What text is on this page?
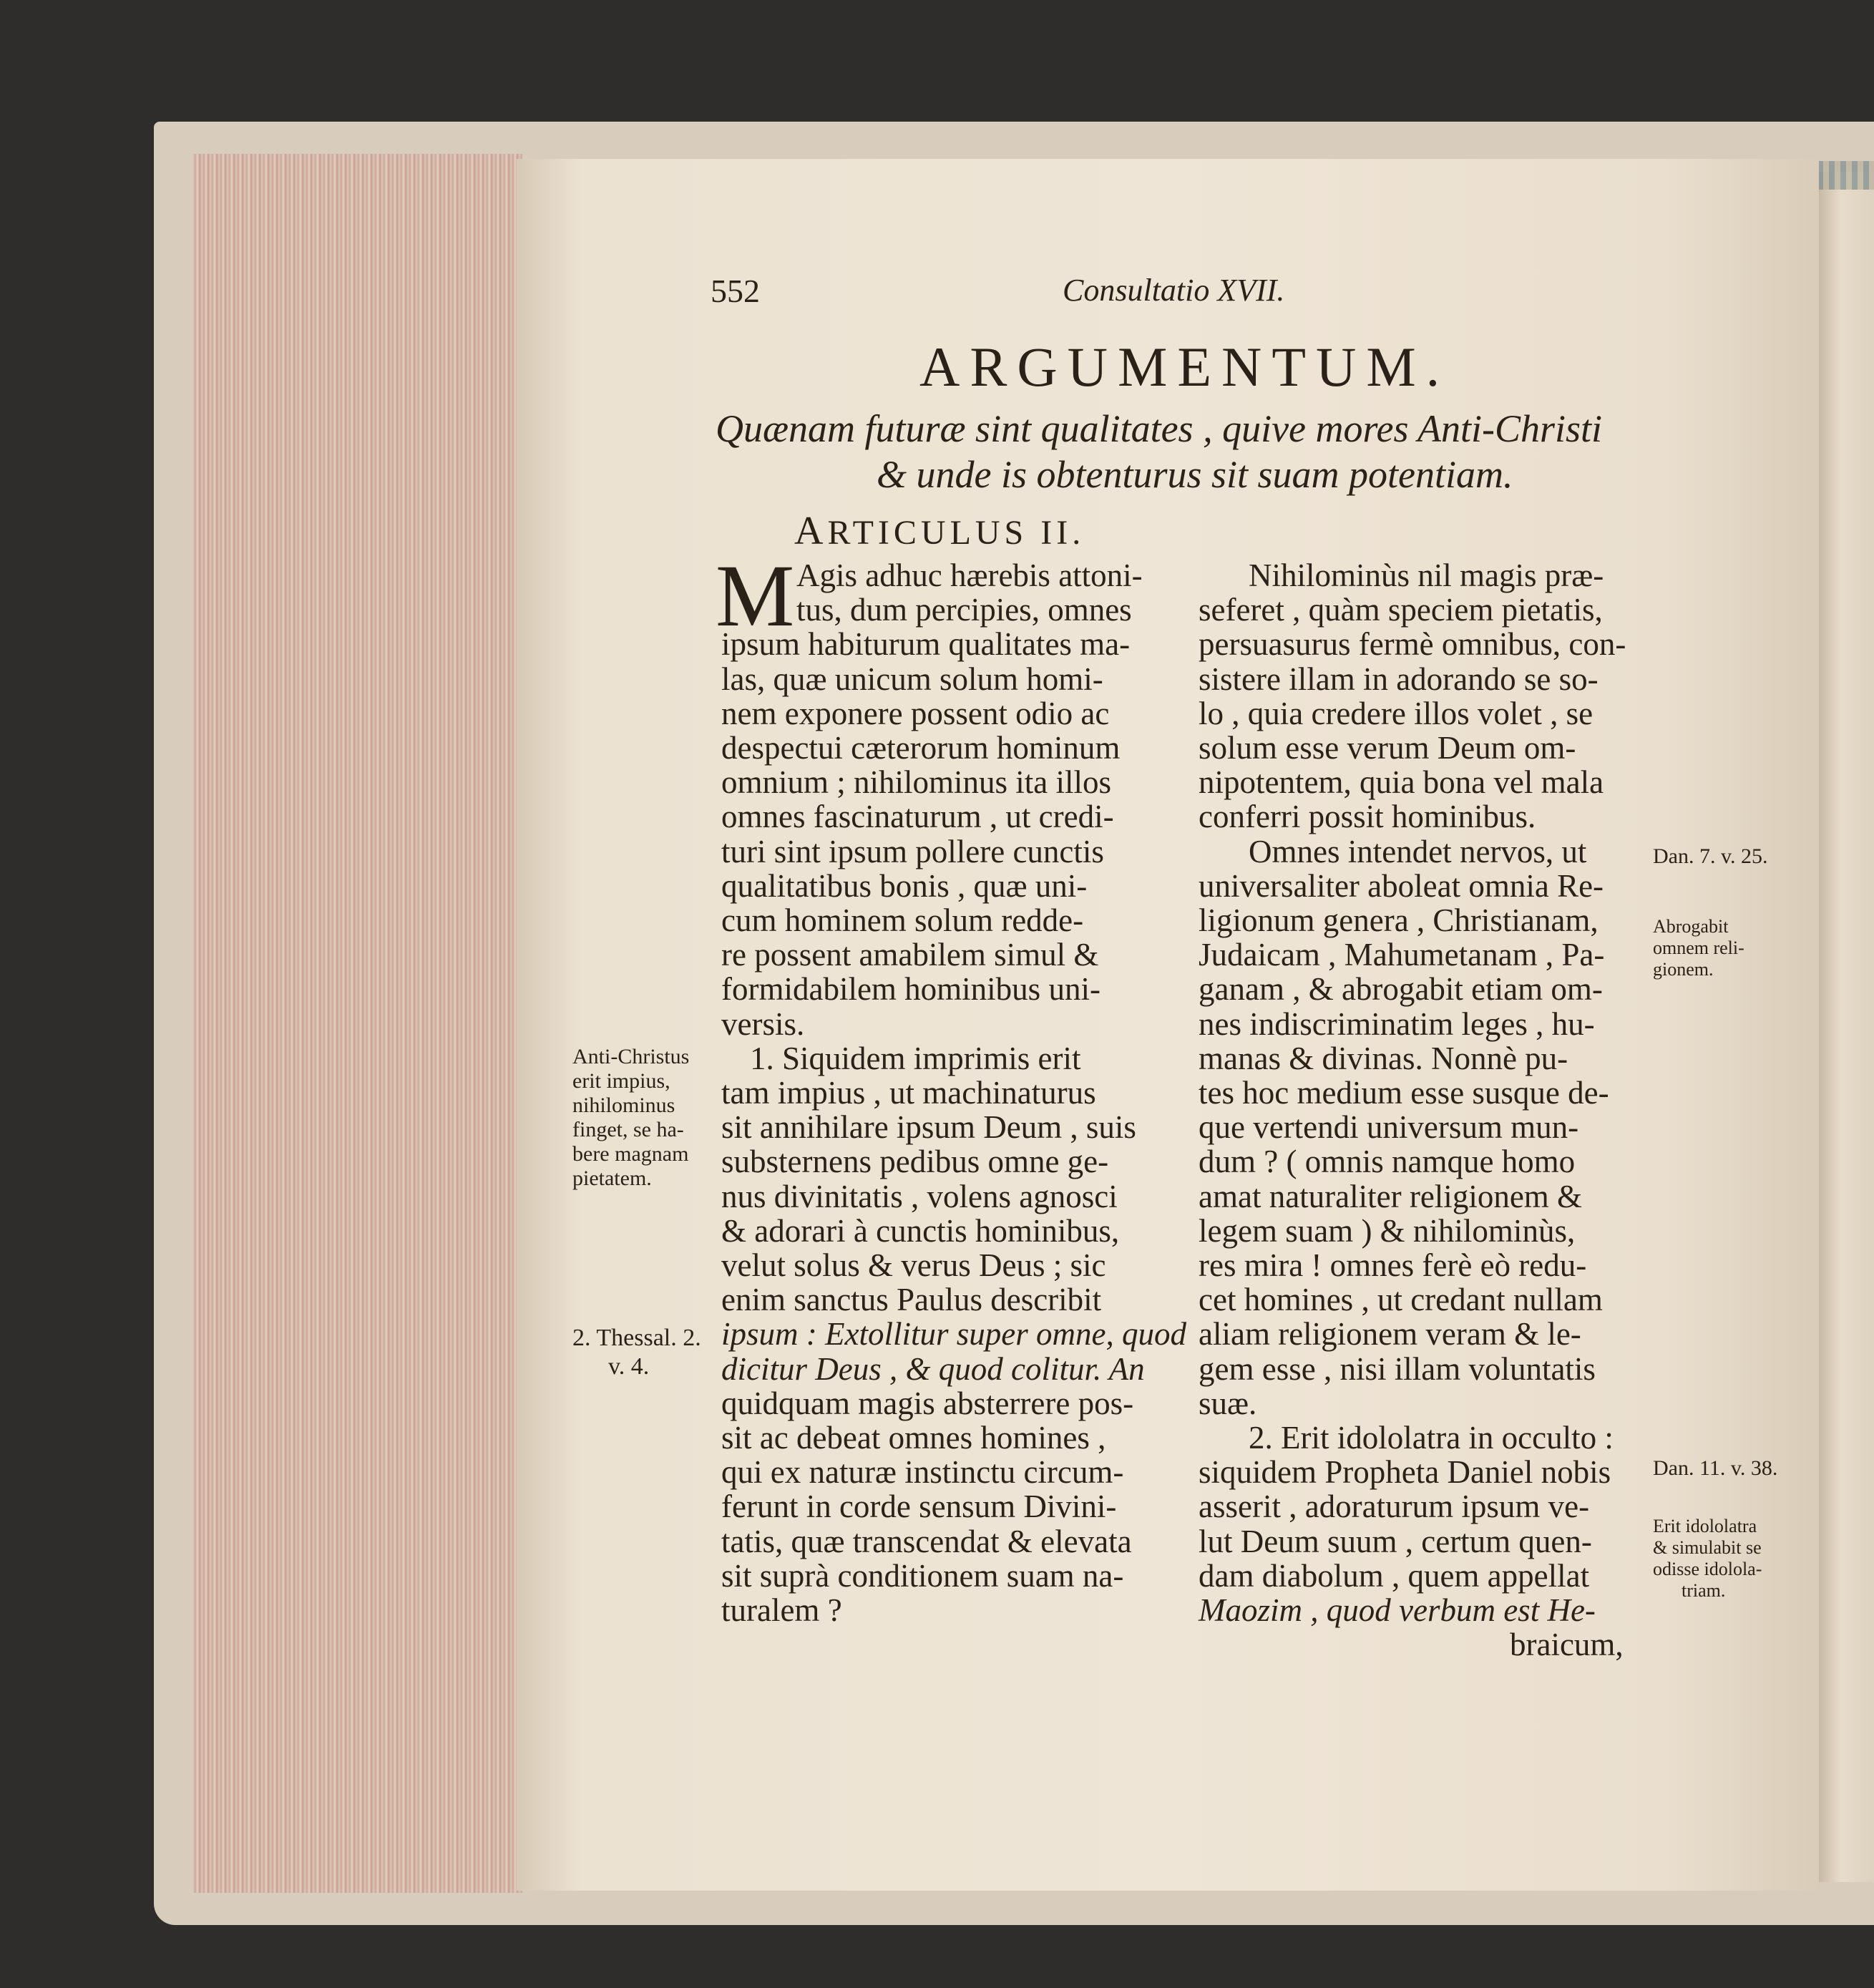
552	Consultatio XVII.
ARGUMENTUM.
Quænam futuræ sint qualitates , quive mores Anti-Christi
& unde is obtenturus sit suam potentiam.
ARTICULUS II.
M Agis adhuc hærebis attoni-
tus, dum percipies, omnes
ipsum habiturum qualitates ma-
las, quæ unicum solum homi-
nem exponere possent odio ac
despectui cæterorum hominum
omnium ; nihilominus ita illos
omnes fascinaturum , ut credi-
turi sint ipsum pollere cunctis
qualitatibus bonis , quæ uni-
cum hominem solum redde-
re possent amabilem simul &
formidabilem hominibus uni-
versis.
1. Siquidem imprimis erit
tam impius , ut machinaturus
sit annihilare ipsum Deum , suis
substernens pedibus omne ge-
nus divinitatis , volens agnosci
& adorari à cunctis hominibus,
velut solus & verus Deus ; sic
enim sanctus Paulus describit
ipsum : Extollitur super omne, quod
dicitur Deus , & quod colitur. An
quidquam magis absterrere pos-
sit ac debeat omnes homines ,
qui ex naturæ instinctu circum-
ferunt in corde sensum Divini-
tatis, quæ transcendat & elevata
sit suprà conditionem suam na-
turalem ?
Nihilominùs nil magis præ-
seferet , quàm speciem pietatis,
persuasurus fermè omnibus, con-
sistere illam in adorando se so-
lo , quia credere illos volet , se
solum esse verum Deum om-
nipotentem, quia bona vel mala
conferri possit hominibus.
Omnes intendet nervos, ut
universaliter aboleat omnia Re-
ligionum genera , Christianam,
Judaicam , Mahumetanam , Pa-
ganam , & abrogabit etiam om-
nes indiscriminatim leges , hu-
manas & divinas. Nonnè pu-
tes hoc medium esse susque de-
que vertendi universum mun-
dum ? ( omnis namque homo
amat naturaliter religionem &
legem suam ) & nihilominùs,
res mira ! omnes ferè eò redu-
cet homines , ut credant nullam
aliam religionem veram & le-
gem esse , nisi illam voluntatis
suæ.
2. Erit idololatra in occulto :
siquidem Propheta Daniel nobis
asserit , adoraturum ipsum ve-
lut Deum suum , certum quen-
dam diabolum , quem appellat
Maozim , quod verbum est He-
braicum,
Anti-Christus
erit impius,
nihilominus
finget, se ha-
bere magnam
pietatem.
2. Thessal. 2.
v. 4.
Dan. 7. v. 25.
Abrogabit
omnem reli-
gionem.
Dan. 11. v. 38.
Erit idololatra
& simulabit se
odisse idolola-
triam.
